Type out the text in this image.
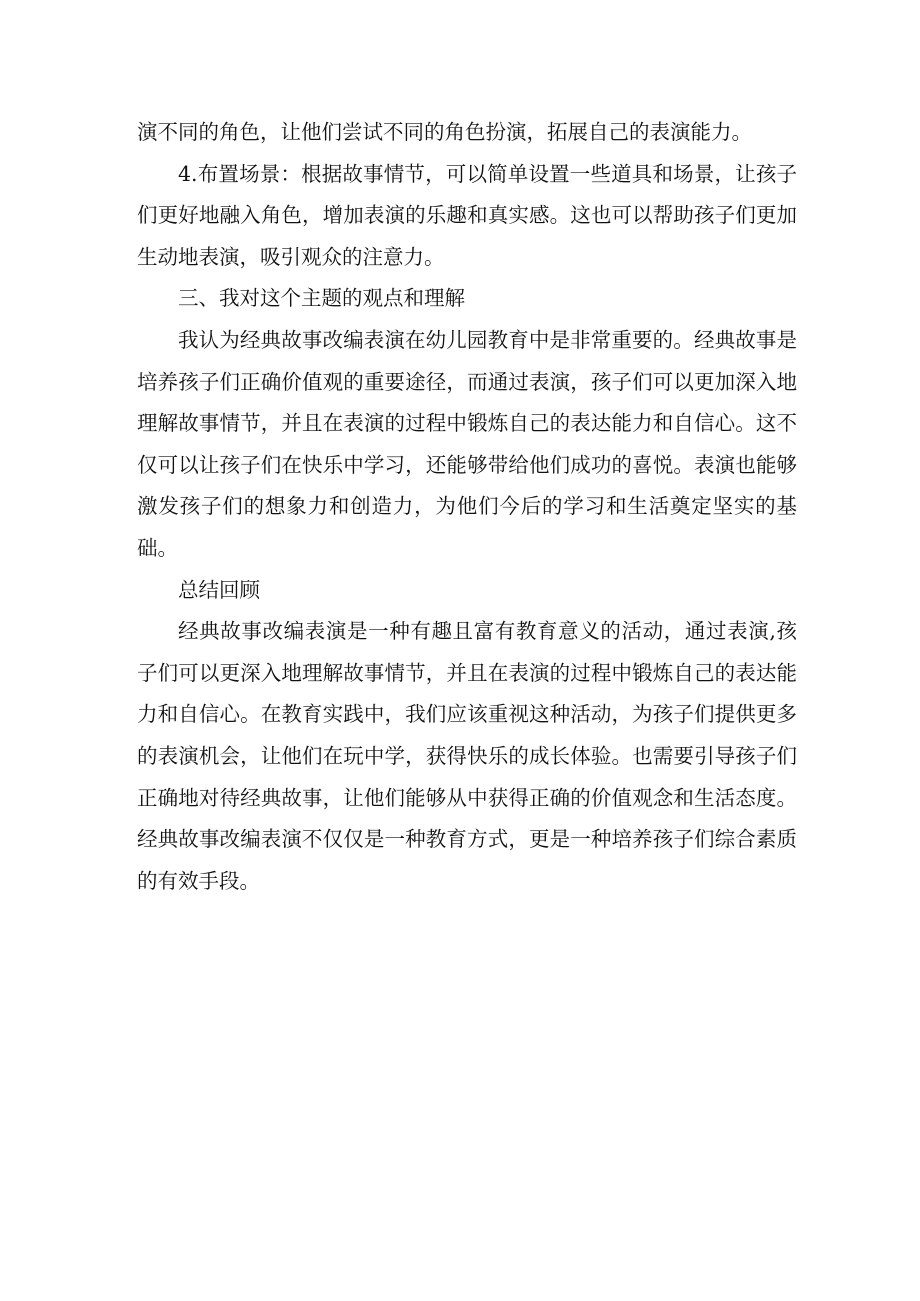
演不同的角色，让他们尝试不同的角色扮演，拓展自己的表演能力。

4.布置场景：根据故事情节，可以简单设置一些道具和场景，让孩子们更好地融入角色，增加表演的乐趣和真实感。这也可以帮助孩子们更加生动地表演，吸引观众的注意力。

三、我对这个主题的观点和理解

我认为经典故事改编表演在幼儿园教育中是非常重要的。经典故事是培养孩子们正确价值观的重要途径，而通过表演，孩子们可以更加深入地理解故事情节，并且在表演的过程中锻炼自己的表达能力和自信心。这不仅可以让孩子们在快乐中学习，还能够带给他们成功的喜悦。表演也能够激发孩子们的想象力和创造力，为他们今后的学习和生活奠定坚实的基础。

总结回顾

经典故事改编表演是一种有趣且富有教育意义的活动，通过表演,孩子们可以更深入地理解故事情节，并且在表演的过程中锻炼自己的表达能力和自信心。在教育实践中，我们应该重视这种活动，为孩子们提供更多的表演机会，让他们在玩中学，获得快乐的成长体验。也需要引导孩子们正确地对待经典故事，让他们能够从中获得正确的价值观念和生活态度。经典故事改编表演不仅仅是一种教育方式，更是一种培养孩子们综合素质的有效手段。
